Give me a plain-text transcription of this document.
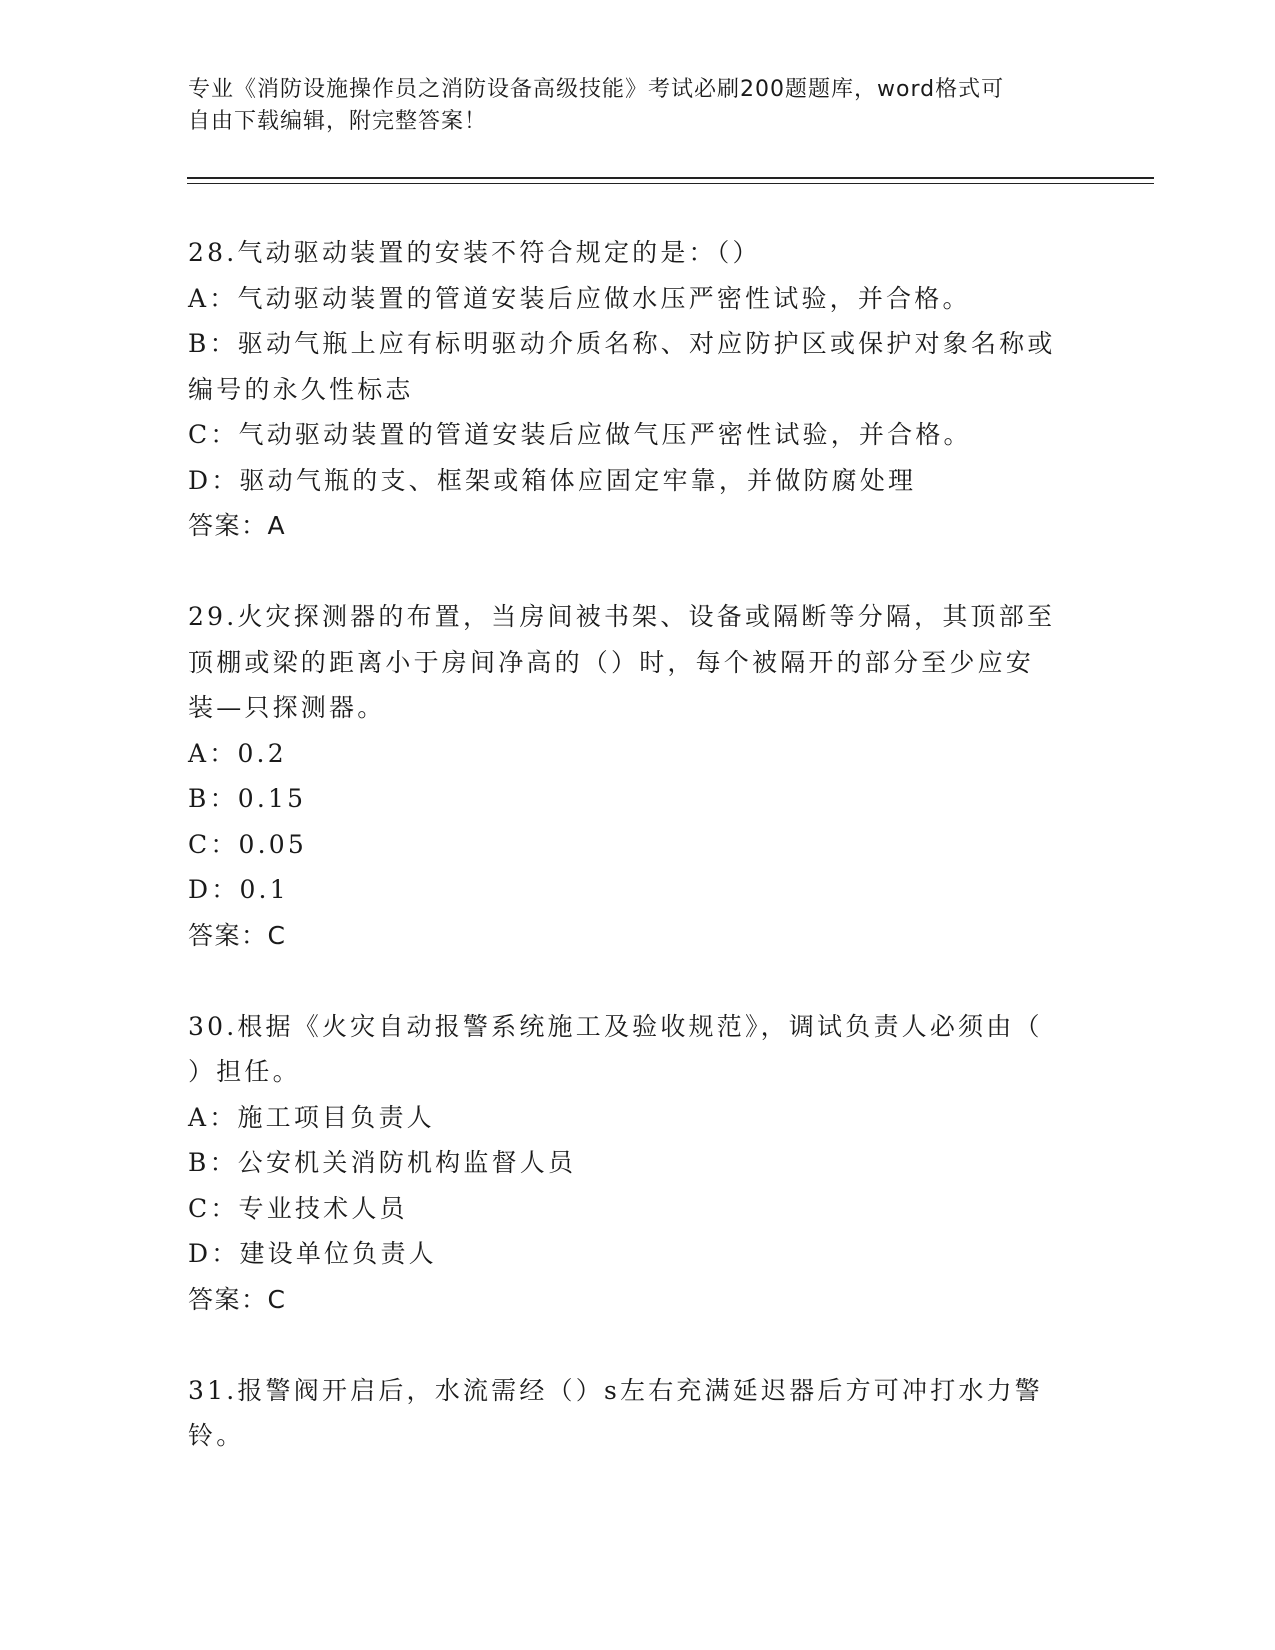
专业《消防设施操作员之消防设备高级技能》考试必刷200题题库，word格式可
自由下载编辑，附完整答案！

28.气动驱动装置的安装不符合规定的是：（）

A：气动驱动装置的管道安装后应做水压严密性试验，并合格。

B：驱动气瓶上应有标明驱动介质名称、对应防护区或保护对象名称或

编号的永久性标志

C：气动驱动装置的管道安装后应做气压严密性试验，并合格。

D：驱动气瓶的支、框架或箱体应固定牢靠，并做防腐处理

答案：A

29.火灾探测器的布置，当房间被书架、设备或隔断等分隔，其顶部至

顶棚或梁的距离小于房间净高的（）时，每个被隔开的部分至少应安

装—只探测器。

A：0.2

B：0.15

C：0.05

D：0.1

答案：C

30.根据《火灾自动报警系统施工及验收规范》，调试负责人必须由（

）担任。

A：施工项目负责人

B：公安机关消防机构监督人员

C：专业技术人员

D：建设单位负责人

答案：C

31.报警阀开启后，水流需经（）s左右充满延迟器后方可冲打水力警

铃。
